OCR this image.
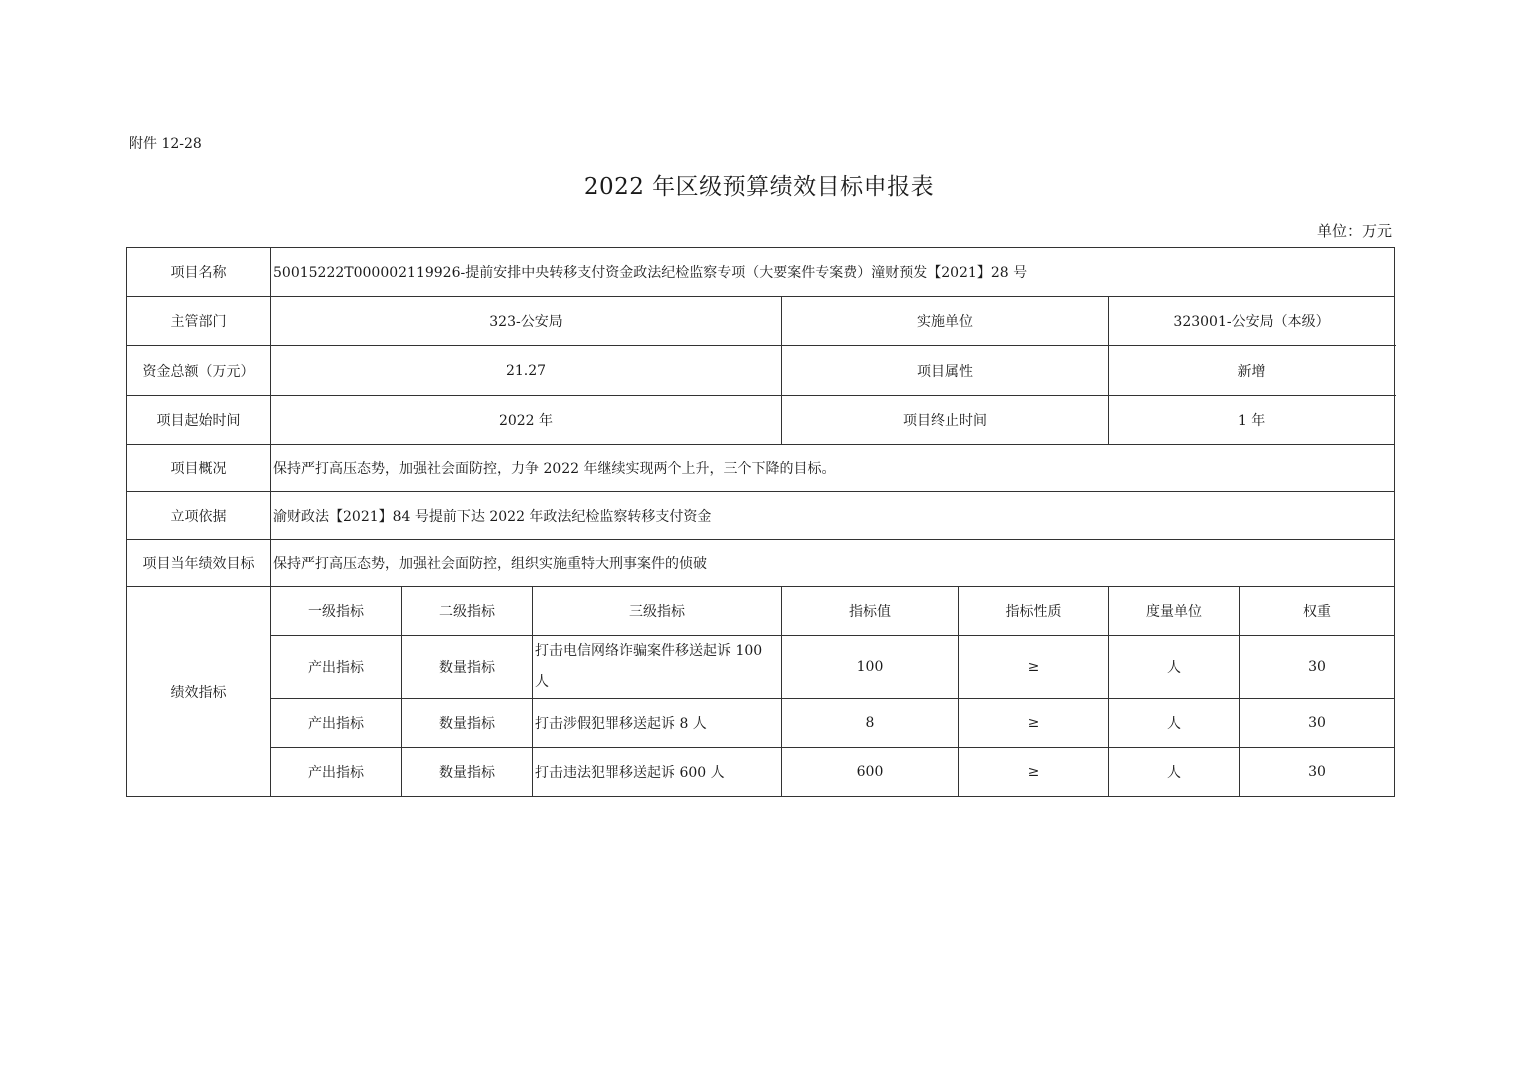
附件 12-28
2022 年区级预算绩效目标申报表
单位：万元
项目名称	50015222T000002119926-提前安排中央转移支付资金政法纪检监察专项（大要案件专案费）潼财预发【2021】28 号						
主管部门	323-公安局			实施单位		323001-公安局（本级）	
资金总额（万元）	21.27			项目属性		新增	
项目起始时间	2022 年			项目终止时间		1 年	
项目概况	保持严打高压态势，加强社会面防控，力争 2022 年继续实现两个上升，三个下降的目标。						
立项依据	渝财政法【2021】84 号提前下达 2022 年政法纪检监察转移支付资金						
项目当年绩效目标	保持严打高压态势，加强社会面防控，组织实施重特大刑事案件的侦破						
绩效指标	一级指标	二级指标	三级指标	指标值	指标性质	度量单位	权重
	产出指标	数量指标	打击电信网络诈骗案件移送起诉 100 人	100	≥	人	30
	产出指标	数量指标	打击涉假犯罪移送起诉 8 人	8	≥	人	30
	产出指标	数量指标	打击违法犯罪移送起诉 600 人	600	≥	人	30
